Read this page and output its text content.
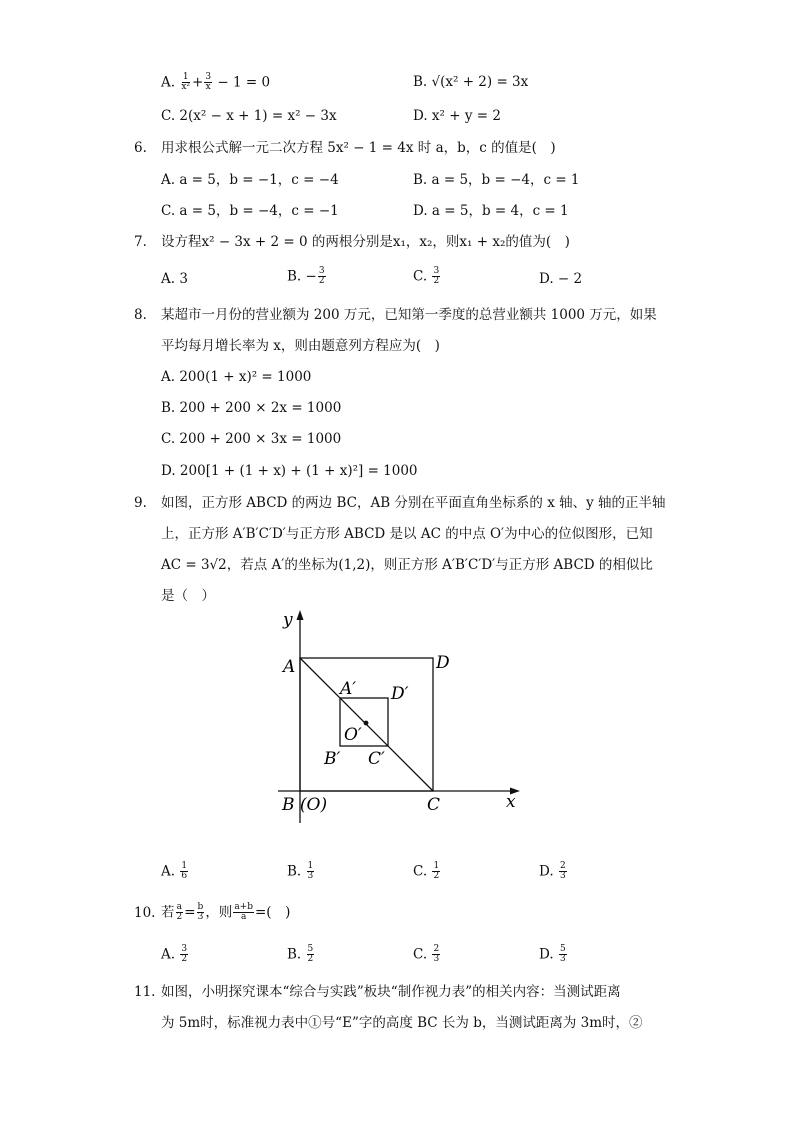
A. $\frac{1}{\text{x²}} + \frac{3}{x} - 1 = 0$	B. √(x² + 2) = 3x
C. 2(x² − x + 1) = x² − 3x	D. x² + y = 2
6. 用求根公式解一元二次方程 5x² − 1 = 4x 时 a，b，c 的值是(　)
A. a = 5，b = −1，c = −4	B. a = 5，b = −4，c = 1
C. a = 5，b = −4，c = −1	D. a = 5，b = 4，c = 1
7. 设方程x² − 3x + 2 = 0 的两根分别是x₁，x₂，则x₁ + x₂的值为(　)
A. 3	B. − $\frac{3}{2}$	C. $\frac{3}{2}$	D. − 2
8. 某超市一月份的营业额为 200 万元，已知第一季度的总营业额共 1000 万元，如果
平均每月增长率为 x，则由题意列方程应为(　)
A. 200(1 + x)² = 1000
B. 200 + 200 × 2x = 1000
C. 200 + 200 × 3x = 1000
D. 200[1 + (1 + x) + (1 + x)²] = 1000
9. 如图，正方形 ABCD 的两边 BC，AB 分别在平面直角坐标系的 x 轴、y 轴的正半轴
上，正方形 A′B′C′D′与正方形 ABCD 是以 AC 的中点 O′为中心的位似图形，已知
AC = 3√2，若点 A′的坐标为(1,2)，则正方形 A′B′C′D′与正方形 ABCD 的相似比
是（　）
y
x
A	D
A′ D′
O′
B′ C′
B (O)	C
A. $\frac{1}{6}$	B. $\frac{1}{3}$	C. $\frac{1}{2}$	D. $\frac{2}{3}$
10. 若 $\frac{a}{2} = \frac{b}{3}$ ，则 $\frac{a+b}{a}$ =(　)
A. $\frac{3}{2}$	B. $\frac{5}{2}$	C. $\frac{2}{3}$	D. $\frac{5}{3}$
11. 如图，小明探究课本“综合与实践”板块“制作视力表”的相关内容：当测试距离
为 5m时，标准视力表中①号“E”字的高度 BC 长为 b，当测试距离为 3m时，②
